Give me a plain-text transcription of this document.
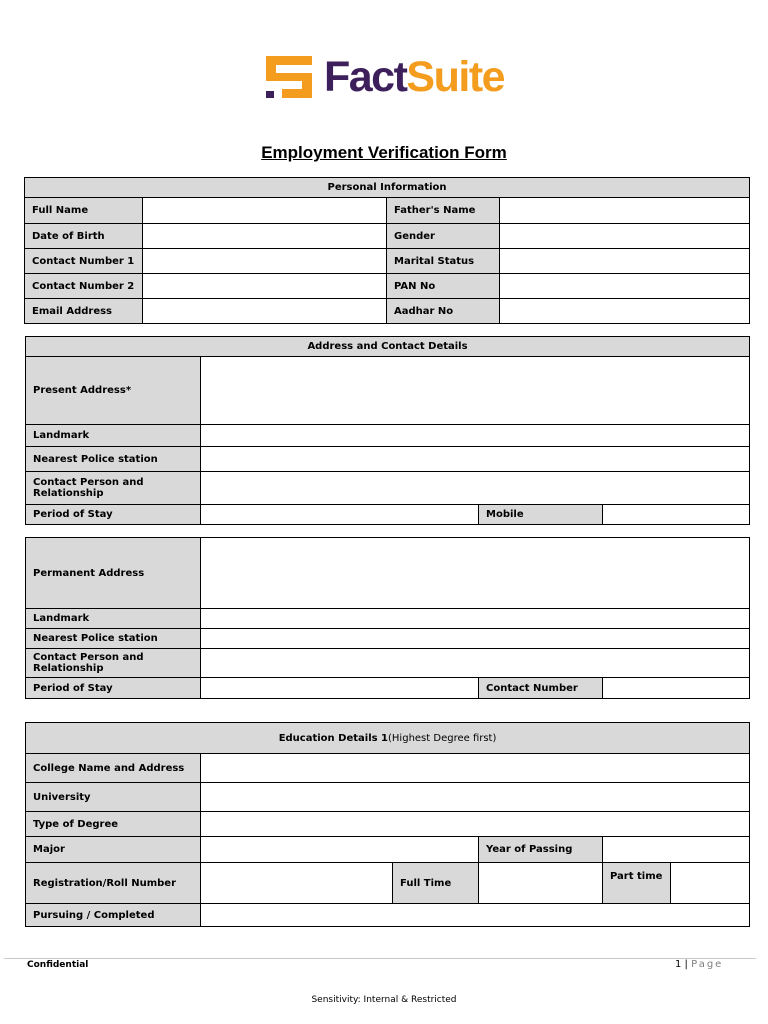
FactSuite
Employment Verification Form
Personal Information			
Full Name		Father's Name	
Date of Birth		Gender	
Contact Number 1		Marital Status	
Contact Number 2		PAN No	
Email Address		Aadhar No	
Address and Contact Details			
Present Address*			
Landmark			
Nearest Police station			
Contact Person and Relationship			
Period of Stay		Mobile	
Permanent Address			
Landmark			
Nearest Police station			
Contact Person and Relationship			
Period of Stay		Contact Number	
Education Details 1(Highest Degree first)					
College Name and Address					
University					
Type of Degree					
Major			Year of Passing		
Registration/Roll Number		Full Time		Part time	
Pursuing / Completed					
Confidential	1 | Page
Sensitivity: Internal & Restricted
